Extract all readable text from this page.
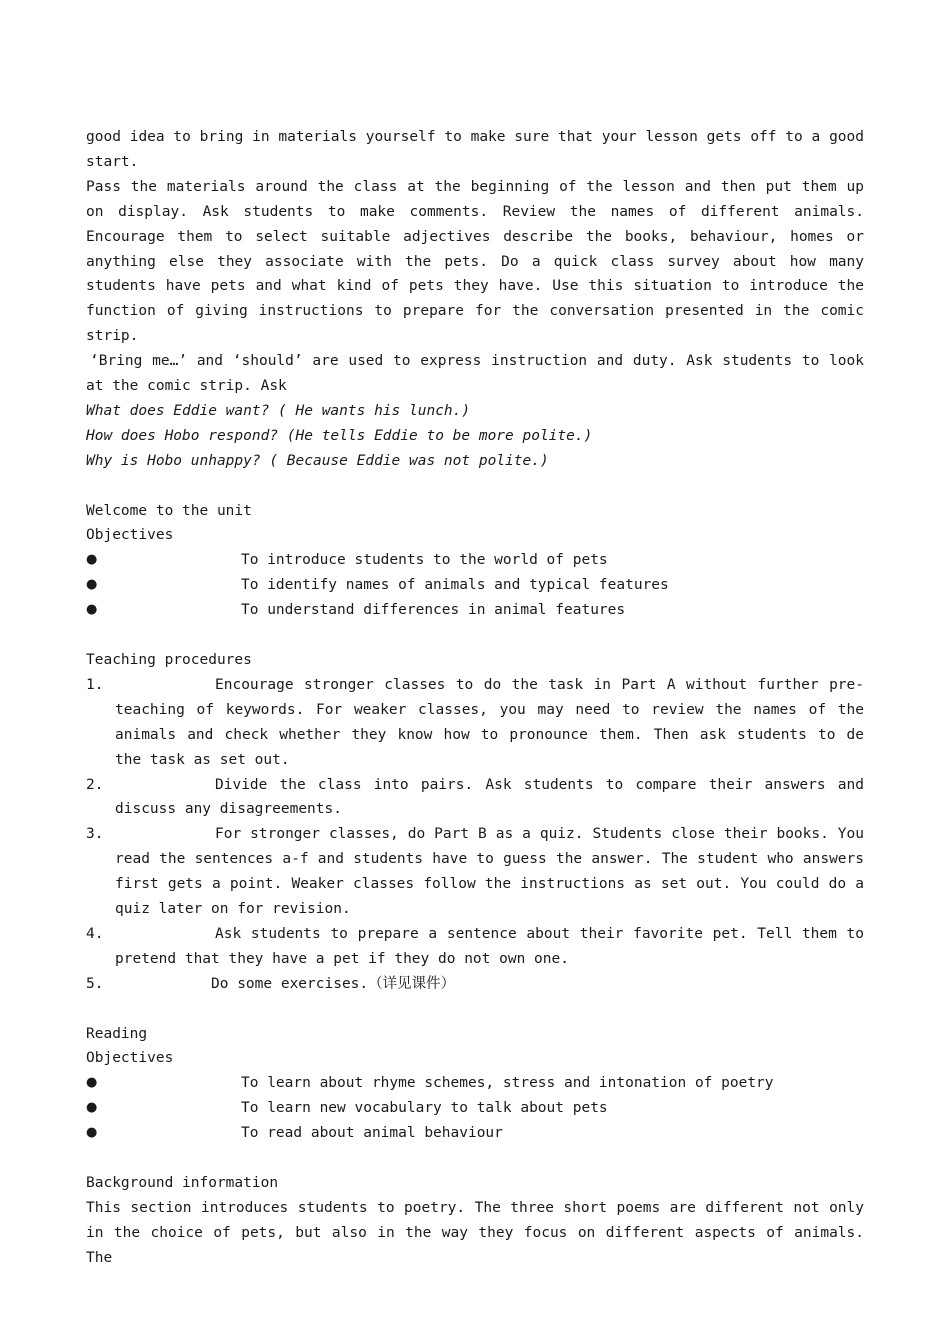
good idea to bring in materials yourself to make sure that your lesson gets off to a good start.

Pass the materials around the class at the beginning of the lesson and then put them up on display. Ask students to make comments. Review the names of different animals. Encourage them to select suitable adjectives describe the books, behaviour, homes or anything else they associate with the pets. Do a quick class survey about how many students have pets and what kind of pets they have. Use this situation to introduce the function of giving instructions to prepare for the conversation presented in the comic strip.

‘Bring me…’ and ‘should’ are used to express instruction and duty. Ask students to look at the comic strip. Ask

What does Eddie want? ( He wants his lunch.)

How does Hobo respond? (He tells Eddie to be more polite.)

Why is Hobo unhappy? ( Because Eddie was not polite.)

Welcome to the unit

Objectives

●	To introduce students to the world of pets
●	To identify names of animals and typical features
●	To understand differences in animal features

Teaching procedures

1.	Encourage stronger classes to do the task in Part A without further pre-teaching of keywords. For weaker classes, you may need to review the names of the animals and check whether they know how to pronounce them. Then ask students to de the task as set out.
2.	Divide the class into pairs. Ask students to compare their answers and discuss any disagreements.
3.	For stronger classes, do Part B as a quiz. Students close their books. You read the sentences a-f and students have to guess the answer. The student who answers first gets a point. Weaker classes follow the instructions as set out. You could do a quiz later on for revision.
4.	Ask students to prepare a sentence about their favorite pet. Tell them to pretend that they have a pet if they do not own one.
5.	Do some exercises.（详见课件）

Reading

Objectives

●	To learn about rhyme schemes, stress and intonation of poetry
●	To learn new vocabulary to talk about pets
●	To read about animal behaviour

Background information

This section introduces students to poetry. The three short poems are different not only in the choice of pets, but also in the way they focus on different aspects of animals. The
